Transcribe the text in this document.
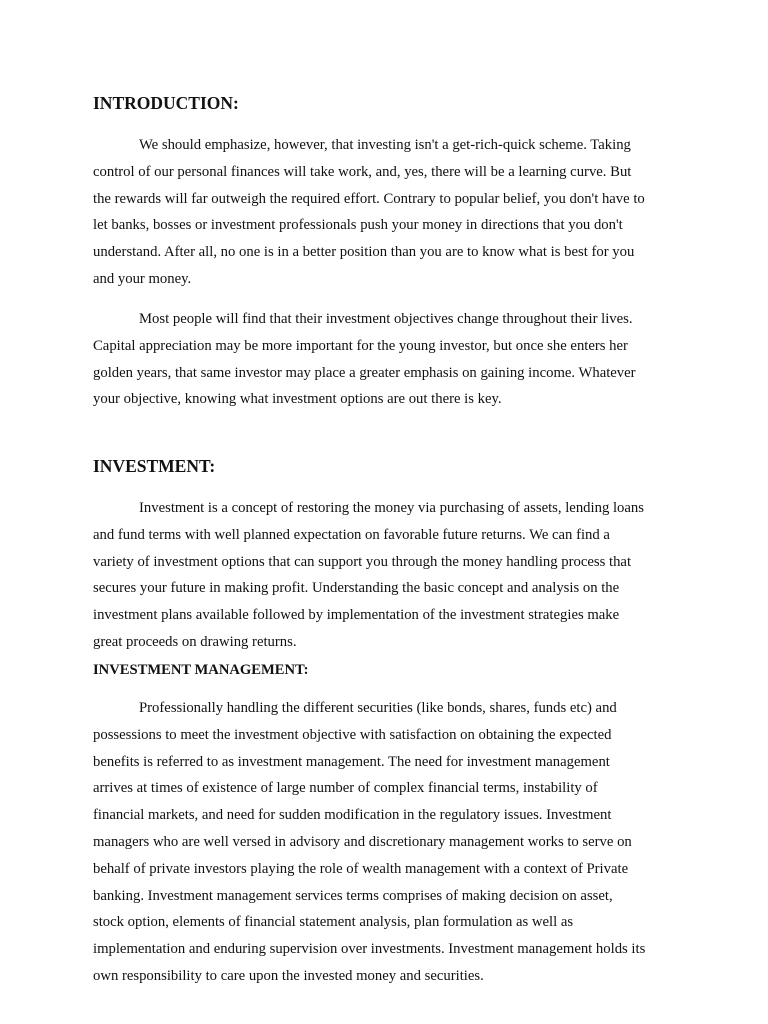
INTRODUCTION:

We should emphasize, however, that investing isn't a get-rich-quick scheme. Taking
control of our personal finances will take work, and, yes, there will be a learning curve. But
the rewards will far outweigh the required effort. Contrary to popular belief, you don't have to
let banks, bosses or investment professionals push your money in directions that you don't
understand. After all, no one is in a better position than you are to know what is best for you
and your money.

Most people will find that their investment objectives change throughout their lives.
Capital appreciation may be more important for the young investor, but once she enters her
golden years, that same investor may place a greater emphasis on gaining income. Whatever
your objective, knowing what investment options are out there is key.

INVESTMENT:

Investment is a concept of restoring the money via purchasing of assets, lending loans
and fund terms with well planned expectation on favorable future returns. We can find a
variety of investment options that can support you through the money handling process that
secures your future in making profit. Understanding the basic concept and analysis on the
investment plans available followed by implementation of the investment strategies make
great proceeds on drawing returns.

INVESTMENT MANAGEMENT:

Professionally handling the different securities (like bonds, shares, funds etc) and
possessions to meet the investment objective with satisfaction on obtaining the expected
benefits is referred to as investment management. The need for investment management
arrives at times of existence of large number of complex financial terms, instability of
financial markets, and need for sudden modification in the regulatory issues. Investment
managers who are well versed in advisory and discretionary management works to serve on
behalf of private investors playing the role of wealth management with a context of Private
banking. Investment management services terms comprises of making decision on asset,
stock option, elements of financial statement analysis, plan formulation as well as
implementation and enduring supervision over investments. Investment management holds its
own responsibility to care upon the invested money and securities.
